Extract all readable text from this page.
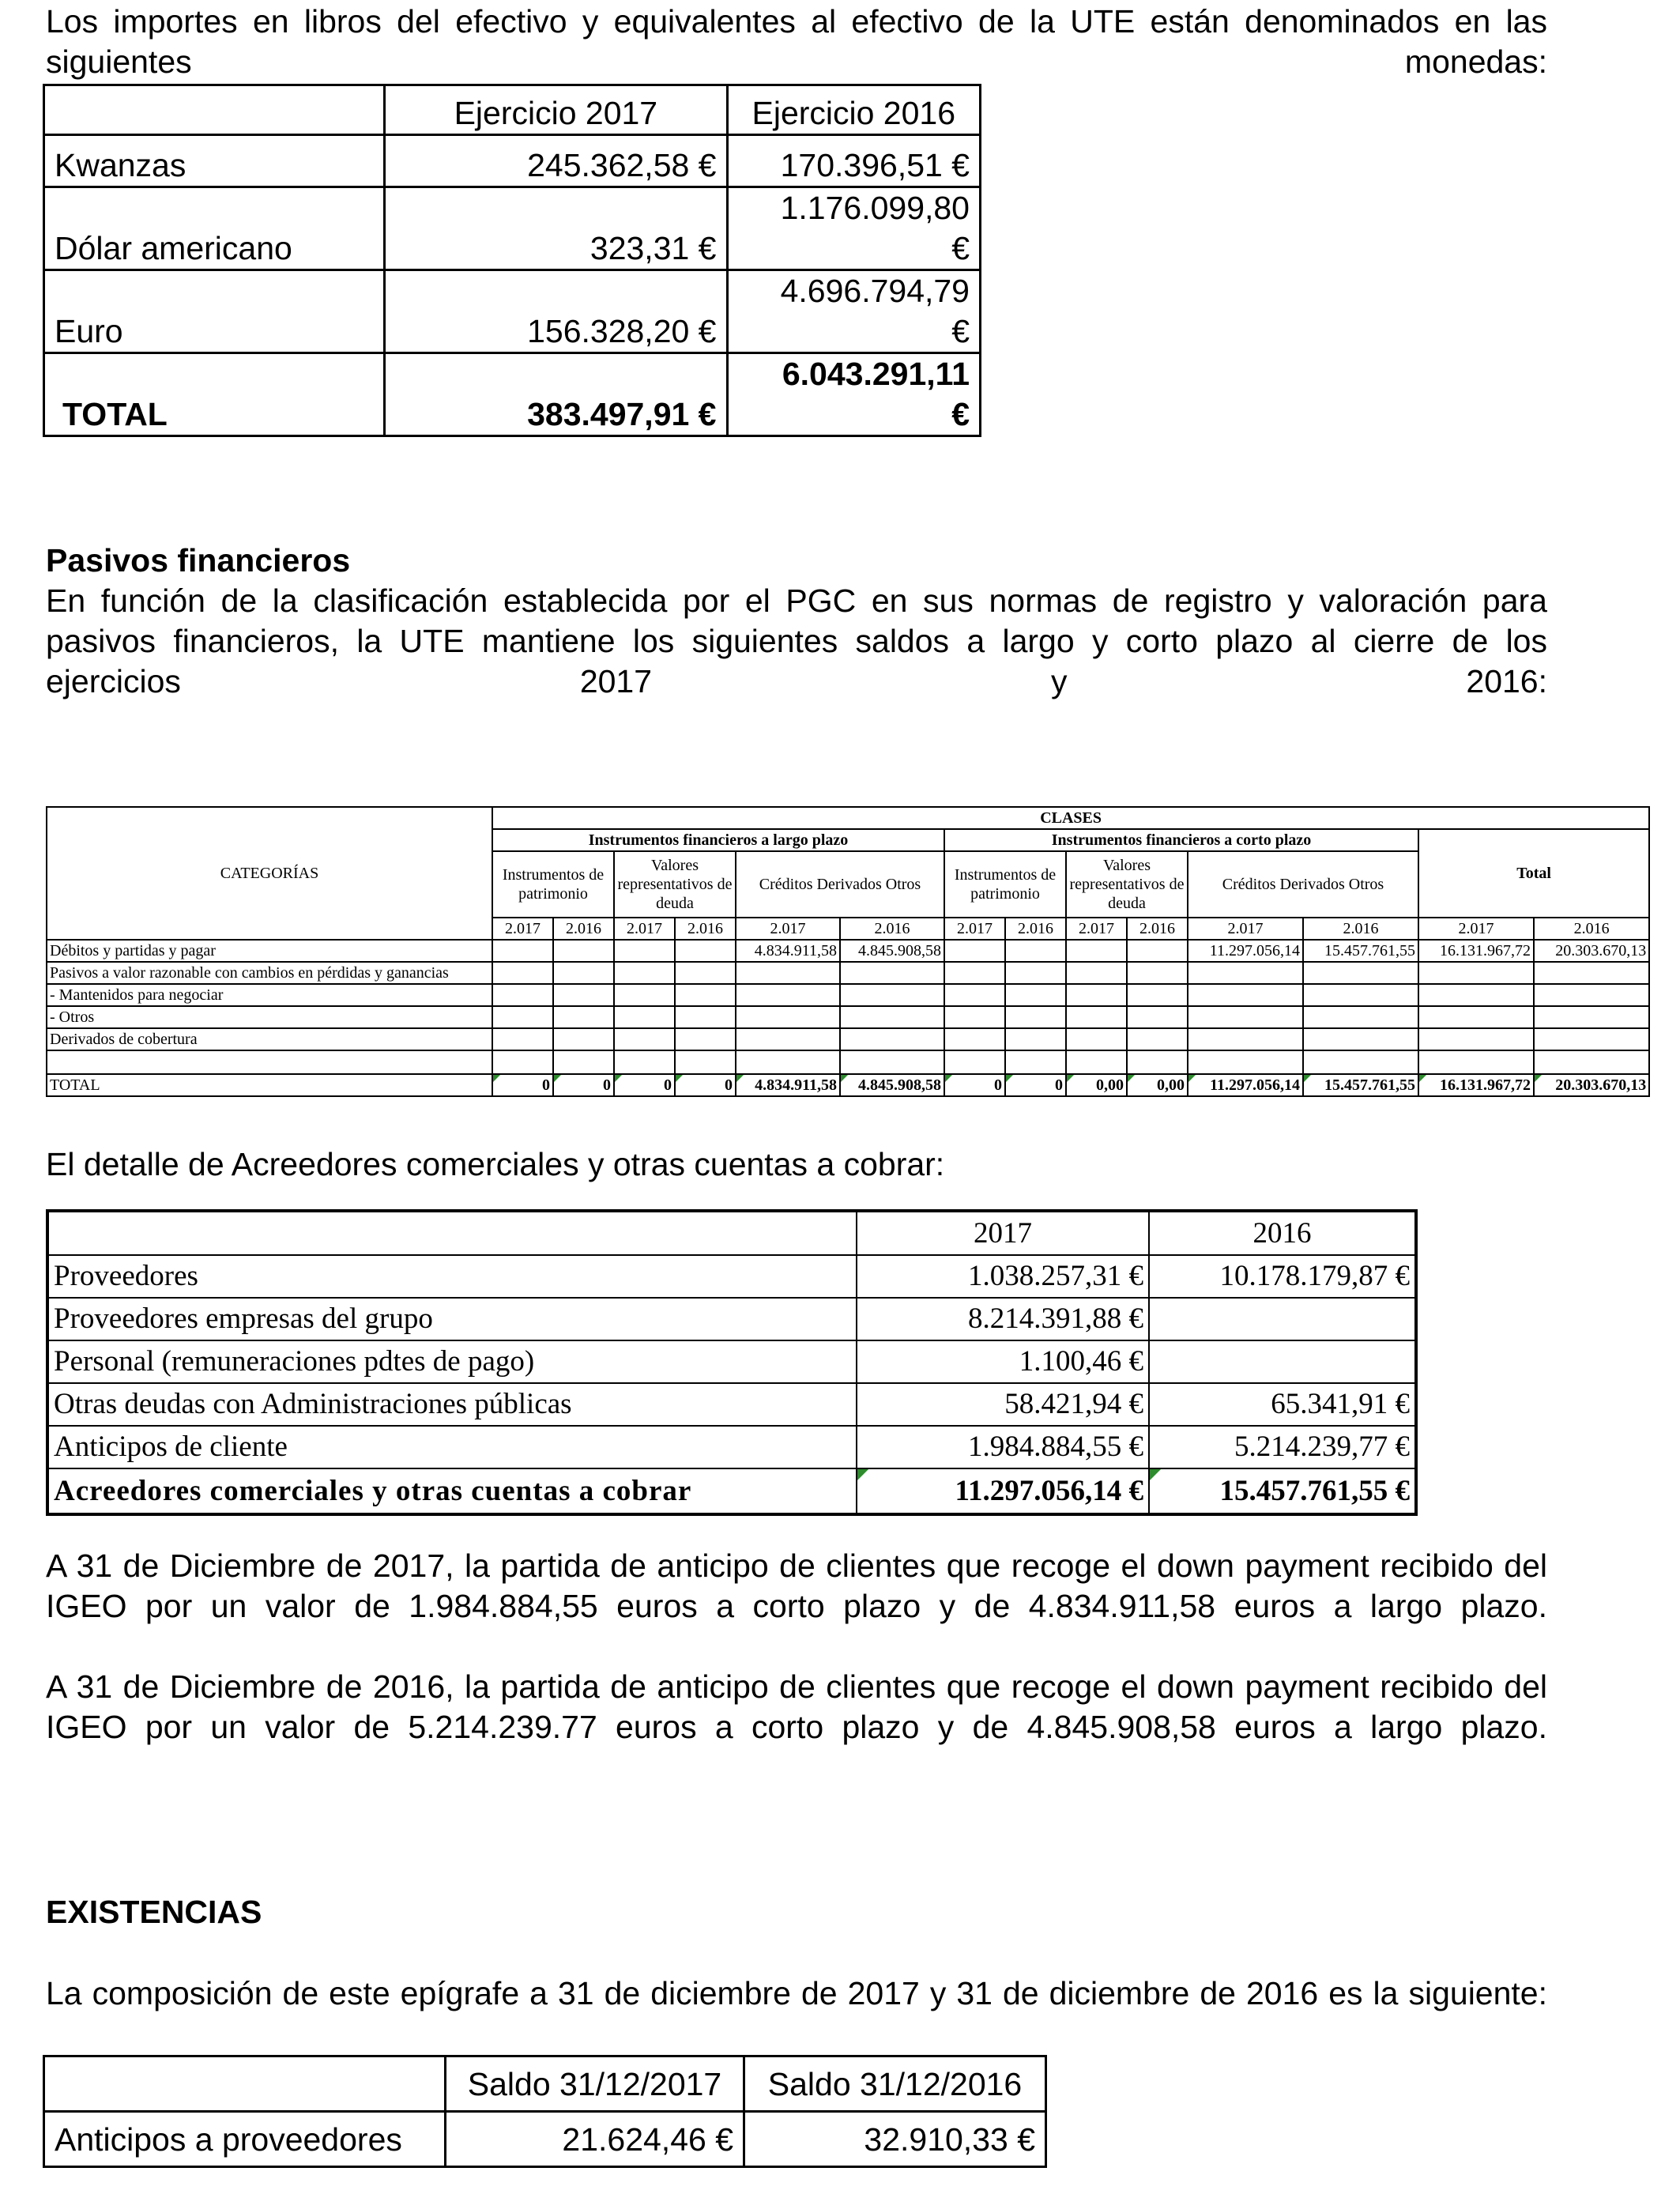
Los importes en libros del efectivo y equivalentes al efectivo de la UTE están denominados en las siguientes monedas:
	Ejercicio 2017	Ejercicio 2016
Kwanzas	245.362,58 €	170.396,51 €
Dólar americano	323,31 €	1.176.099,80
€

Euro	156.328,20 €	4.696.794,79
€

TOTAL	383.497,91 €	6.043.291,11
€
Pasivos financieros
En función de la clasificación establecida por el PGC en sus normas de registro y valoración para pasivos financieros, la UTE mantiene los siguientes saldos a largo y corto plazo al cierre de los ejercicios 2017 y 2016:
CATEGORÍAS	CLASES													
	Instrumentos financieros a largo plazo						Instrumentos financieros a corto plazo						Total	
	Instrumentos de patrimonio		Valores representativos de deuda		Créditos Derivados Otros		Instrumentos de patrimonio		Valores representativos de deuda		Créditos Derivados Otros			
	2.017	2.016	2.017	2.016	2.017	2.016	2.017	2.016	2.017	2.016	2.017	2.016	2.017	2.016
Débitos y partidas y pagar					4.834.911,58	4.845.908,58					11.297.056,14	15.457.761,55	16.131.967,72	20.303.670,13
Pasivos a valor razonable con cambios en pérdidas y ganancias														
- Mantenidos para negociar														
- Otros														
Derivados de cobertura														

TOTAL	0	0	0	0	4.834.911,58	4.845.908,58	0	0	0,00	0,00	11.297.056,14	15.457.761,55	16.131.967,72	20.303.670,13
El detalle de Acreedores comerciales y otras cuentas a cobrar:
	2017	2016
Proveedores	1.038.257,31 €	10.178.179,87 €
Proveedores empresas del grupo	8.214.391,88 €	
Personal (remuneraciones pdtes de pago)	1.100,46 €	
Otras deudas con Administraciones públicas	58.421,94 €	65.341,91 €
Anticipos de cliente	1.984.884,55 €	5.214.239,77 €
Acreedores comerciales y otras cuentas a cobrar	11.297.056,14 €	15.457.761,55 €
A 31 de Diciembre de 2017, la partida de anticipo de clientes que recoge el down payment recibido del IGEO por un valor de 1.984.884,55 euros a corto plazo y de 4.834.911,58 euros a largo plazo.
A 31 de Diciembre de 2016, la partida de anticipo de clientes que recoge el down payment recibido del IGEO por un valor de 5.214.239.77 euros a corto plazo y de 4.845.908,58 euros a largo plazo.
EXISTENCIAS
La composición de este epígrafe a 31 de diciembre de 2017 y 31 de diciembre de 2016 es la siguiente:
	Saldo 31/12/2017	Saldo 31/12/2016
Anticipos a proveedores	21.624,46 €	32.910,33 €
